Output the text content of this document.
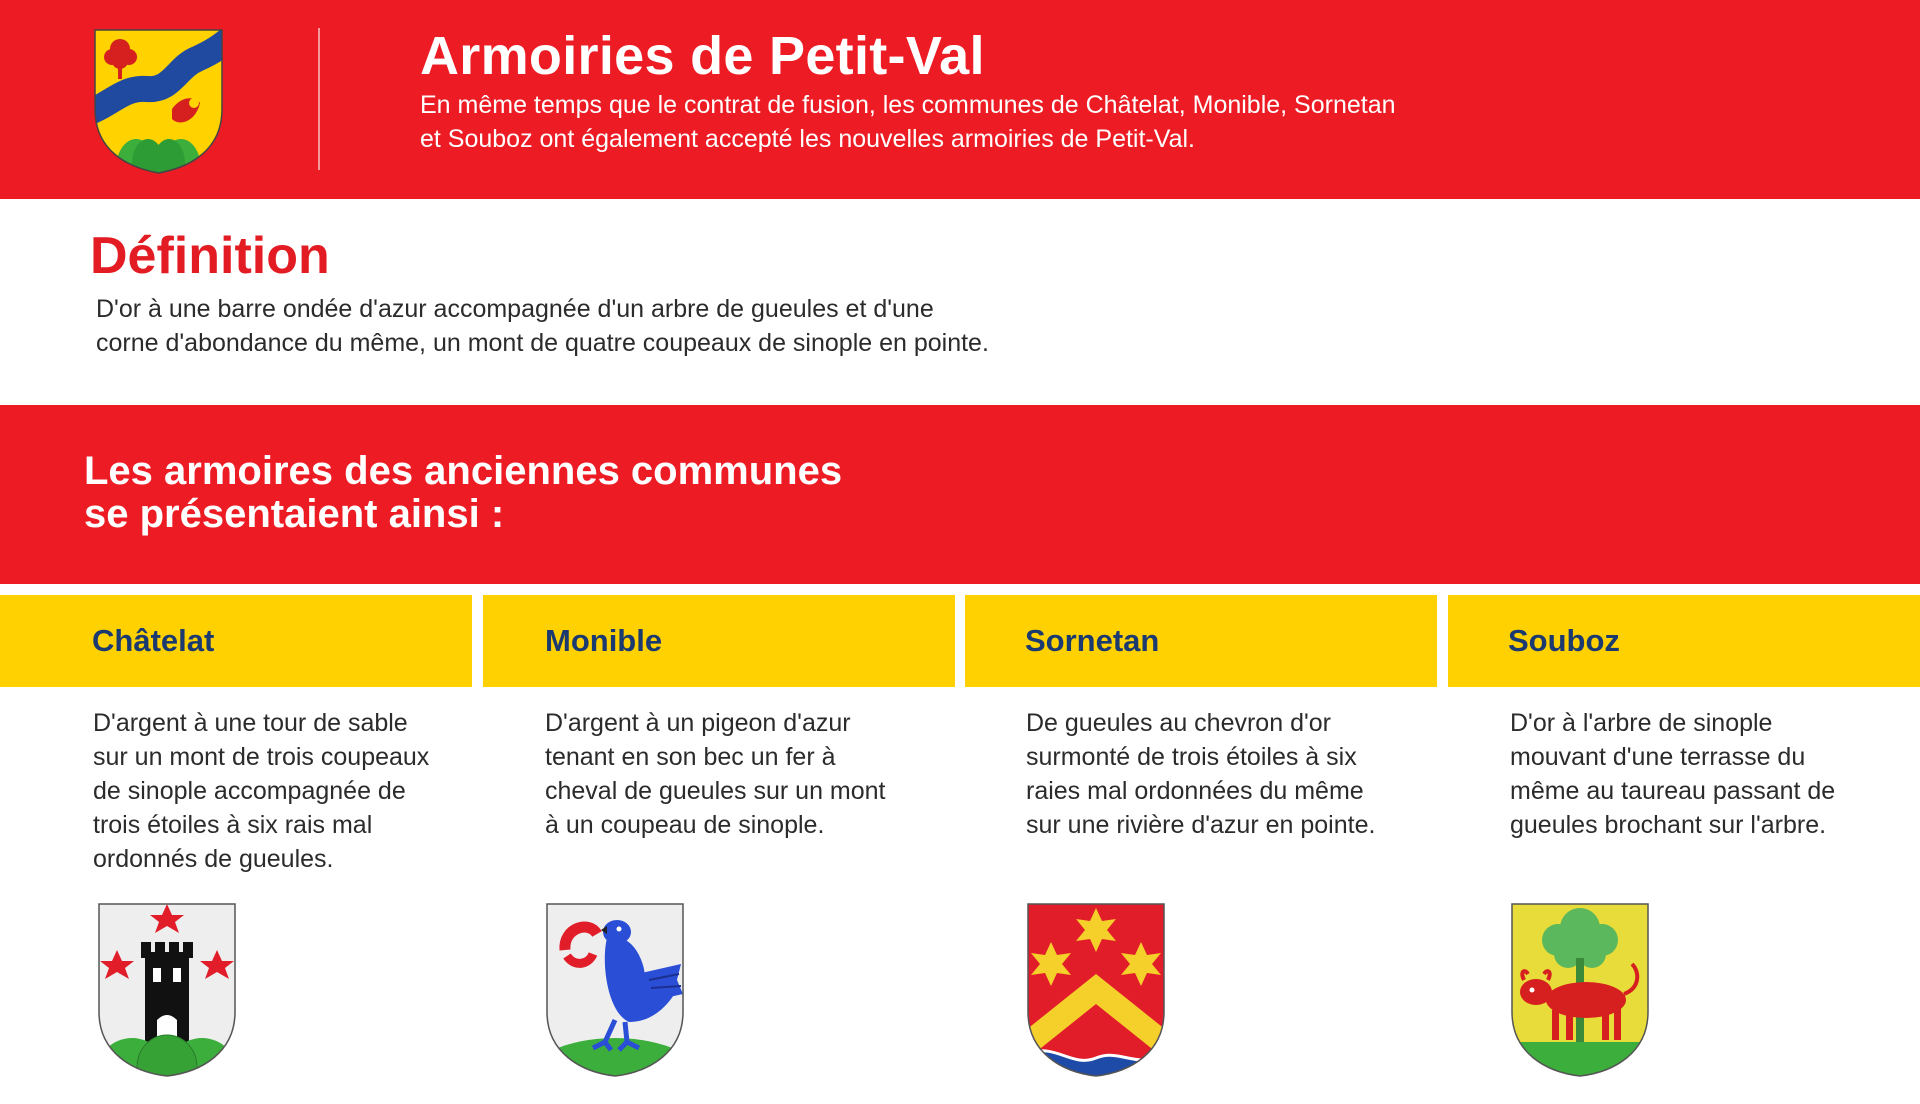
Armoiries de Petit-Val

En même temps que le contrat de fusion, les communes de Châtelat, Monible, Sornetan et Souboz ont également accepté les nouvelles armoiries de Petit-Val.

Définition

D'or à une barre ondée d'azur accompagnée d'un arbre de gueules et d'une corne d'abondance du même, un mont de quatre coupeaux de sinople en pointe.

Les armoires des anciennes communes
se présentaient ainsi :
Châtelat	Monible	Sornetan	Souboz

D'argent à une tour de sable sur un mont de trois coupeaux de sinople accompagnée de trois étoiles à six rais mal ordonnés de gueules.

D'argent à un pigeon d'azur tenant en son bec un fer à cheval de gueules sur un mont à un coupeau de sinople.

De gueules au chevron d'or surmonté de trois étoiles à six raies mal ordonnées du même sur une rivière d'azur en pointe.

D'or à l'arbre de sinople mouvant d'une terrasse du même au taureau passant de gueules brochant sur l'arbre.
